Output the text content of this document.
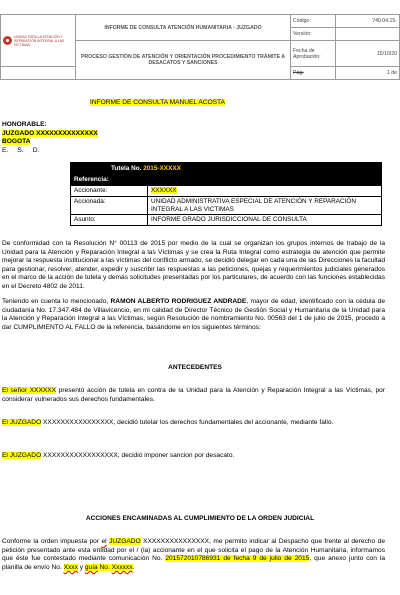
UNIDAD PARA LA ATENCIÓN Y REPARACIÓN INTEGRAL A LAS VÍCTIMAS	INFORME DE CONSULTA ATENCIÓN HUMANITARIA - JUZGADO	Código:	740.04.15-
		Versión:	
	PROCESO GESTIÓN DE ATENCIÓN Y ORIENTACIÓN PROCEDIMIENTO TRÁMITE A DESACATOS Y SANCIONES	Fecha de Aprobación:	15/10/20
		Pág:	1 de
INFORME DE CONSULTA MANUEL ACOSTA
HONORABLE:
JUZGADO XXXXXXXXXXXXXX
BOGOTA
E.     S.     D.
Tutela No. 2015-XXXXX
Referencia:	
Accionante:	XXXXXX
Accionada:	UNIDAD ADMINISTRATIVA ESPECIAL DE ATENCIÓN Y REPARACIÓN INTEGRAL A LAS VICTIMAS
Asunto:	INFORME GRADO JURISDICCIONAL DE CONSULTA

De conformidad con la Resolución N° 00113 de 2015 por medio de la cual se organizan los grupos internos de trabajo de la Unidad para la Atención y Reparación Integral a las Víctimas y se crea la Ruta Integral como estrategia de atención que permite mejorar la respuesta institucional a las víctimas del conflicto armado, se decidió delegar en cada una de las Direcciones la facultad para gestionar, resolver, atender, expedir y suscribir las respuestas a las peticiones, quejas y requerimientos judiciales generados en el marco de la acción de tutela y demás solicitudes presentadas por los particulares, de acuerdo con las funciones establecidas en el Decreto 4802 de 2011.

Teniendo en cuenta lo mencionado, RAMON ALBERTO RODRIGUEZ ANDRADE, mayor de edad, identificado con la cédula de ciudadanía No. 17.347.484 de Villavicencio, en mi calidad de Director Técnico de Gestión Social y Humanitaria de la Unidad para la Atención y Reparación Integral a las Víctimas, según Resolución de nombramiento No. 00563 del 1 de julio de 2015, procedo a dar CUMPLIMIENTO AL FALLO de la referencia, basándome en los siguientes términos:

ANTECEDENTES

El señor XXXXXX presentó acción de tutela en contra de la Unidad para la Atención y Reparación Integral a las Víctimas, por considerar vulnerados sus derechos fundamentales.

El JUZGADO XXXXXXXXXXXXXXXX, decidió tutelar los derechos fundamentales del accionante, mediante fallo.

El JUZGADO XXXXXXXXXXXXXXXXX, decidió imponer sancion por desacato.

ACCIONES ENCAMINADAS AL CUMPLIMIENTO DE LA ORDEN JUDICIAL

Conforme la orden impuesta por el JUZGADO XXXXXXXXXXXXXXX, me permito indicar al Despacho que frente al derecho de petición presentado ante esta entidad por el / (la) accionante en el que solicita el pago de la Atención Humanitaria, informamos que éste fue contestado mediante comunicación No. 201572010786931 de fecha 9 de julio de 2015, que anexo junto con la planilla de envío No. Xxxx y guía No. Xxxxxx.
